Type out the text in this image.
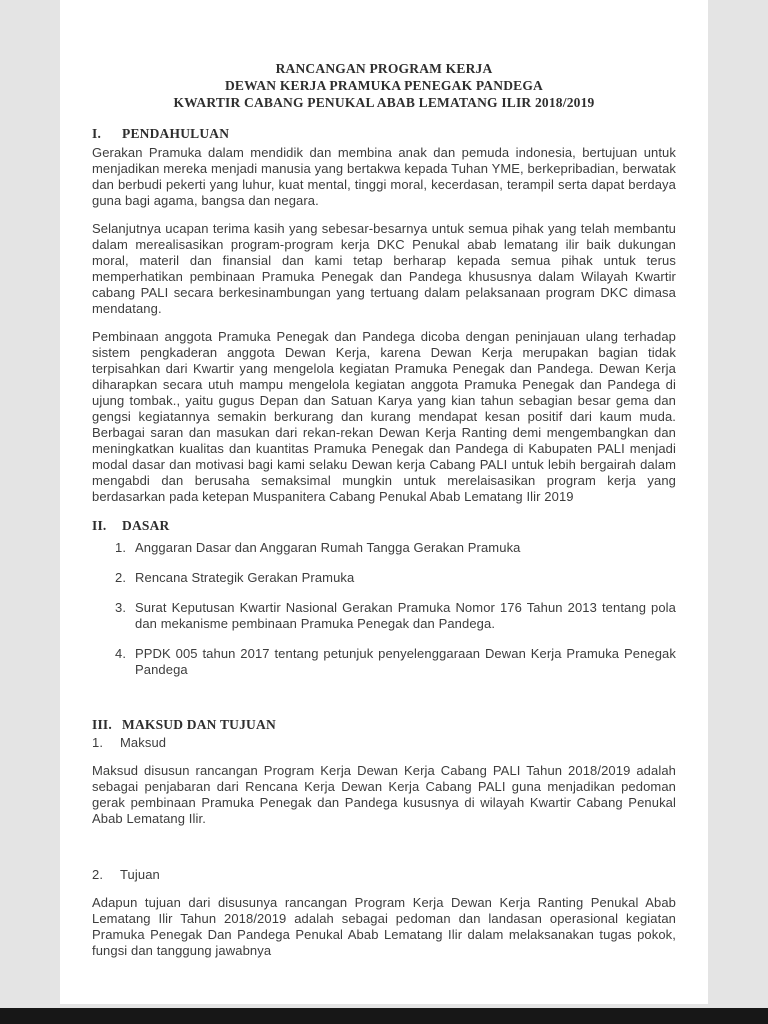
RANCANGAN PROGRAM KERJA
DEWAN KERJA PRAMUKA PENEGAK PANDEGA
KWARTIR CABANG PENUKAL ABAB LEMATANG ILIR 2018/2019
I.	PENDAHULUAN

Gerakan Pramuka dalam mendidik dan membina anak dan pemuda indonesia, bertujuan untuk menjadikan mereka menjadi manusia yang bertakwa kepada Tuhan YME, berkepribadian, berwatak dan berbudi pekerti yang luhur, kuat mental, tinggi moral, kecerdasan, terampil serta dapat berdaya guna bagi agama, bangsa dan negara.

Selanjutnya ucapan terima kasih yang sebesar-besarnya untuk semua pihak yang telah membantu dalam merealisasikan program-program kerja DKC Penukal abab lematang ilir baik dukungan moral, materil dan finansial dan kami tetap berharap kepada semua pihak untuk terus memperhatikan pembinaan Pramuka Penegak dan Pandega khususnya dalam Wilayah Kwartir cabang PALI secara berkesinambungan yang tertuang dalam pelaksanaan program DKC dimasa mendatang.

Pembinaan anggota Pramuka Penegak dan Pandega dicoba dengan peninjauan ulang terhadap sistem pengkaderan anggota Dewan Kerja, karena Dewan Kerja merupakan bagian tidak terpisahkan dari Kwartir yang mengelola kegiatan Pramuka Penegak dan Pandega. Dewan Kerja diharapkan secara utuh mampu mengelola kegiatan anggota Pramuka Penegak dan Pandega di ujung tombak., yaitu gugus Depan dan Satuan Karya yang kian tahun sebagian besar gema dan gengsi kegiatannya semakin berkurang dan kurang mendapat kesan positif dari kaum muda. Berbagai saran dan masukan dari rekan-rekan Dewan Kerja Ranting demi mengembangkan dan meningkatkan kualitas dan kuantitas Pramuka Penegak dan Pandega di Kabupaten PALI menjadi modal dasar dan motivasi bagi kami selaku Dewan kerja Cabang PALI untuk lebih bergairah dalam mengabdi dan berusaha semaksimal mungkin untuk merelaisasikan program kerja yang berdasarkan pada ketepan Muspanitera Cabang Penukal Abab Lematang Ilir 2019

II.	DASAR
1. Anggaran Dasar dan Anggaran Rumah Tangga Gerakan Pramuka
2. Rencana Strategik Gerakan Pramuka
3. Surat Keputusan Kwartir Nasional Gerakan Pramuka Nomor 176 Tahun 2013 tentang pola dan mekanisme pembinaan Pramuka Penegak dan Pandega.
4. PPDK 005 tahun 2017 tentang petunjuk penyelenggaraan Dewan Kerja Pramuka Penegak Pandega
III. MAKSUD DAN TUJUAN
1.	Maksud

Maksud disusun rancangan Program Kerja Dewan Kerja Cabang PALI Tahun 2018/2019 adalah sebagai penjabaran dari Rencana Kerja Dewan Kerja Cabang PALI guna menjadikan pedoman gerak pembinaan Pramuka Penegak dan Pandega kususnya di wilayah Kwartir Cabang Penukal Abab Lematang Ilir.

2.	Tujuan

Adapun tujuan dari disusunya rancangan Program Kerja Dewan Kerja Ranting Penukal Abab Lematang Ilir Tahun 2018/2019 adalah sebagai pedoman dan landasan operasional kegiatan Pramuka Penegak Dan Pandega Penukal Abab Lematang Ilir dalam melaksanakan tugas pokok, fungsi dan tanggung jawabnya
